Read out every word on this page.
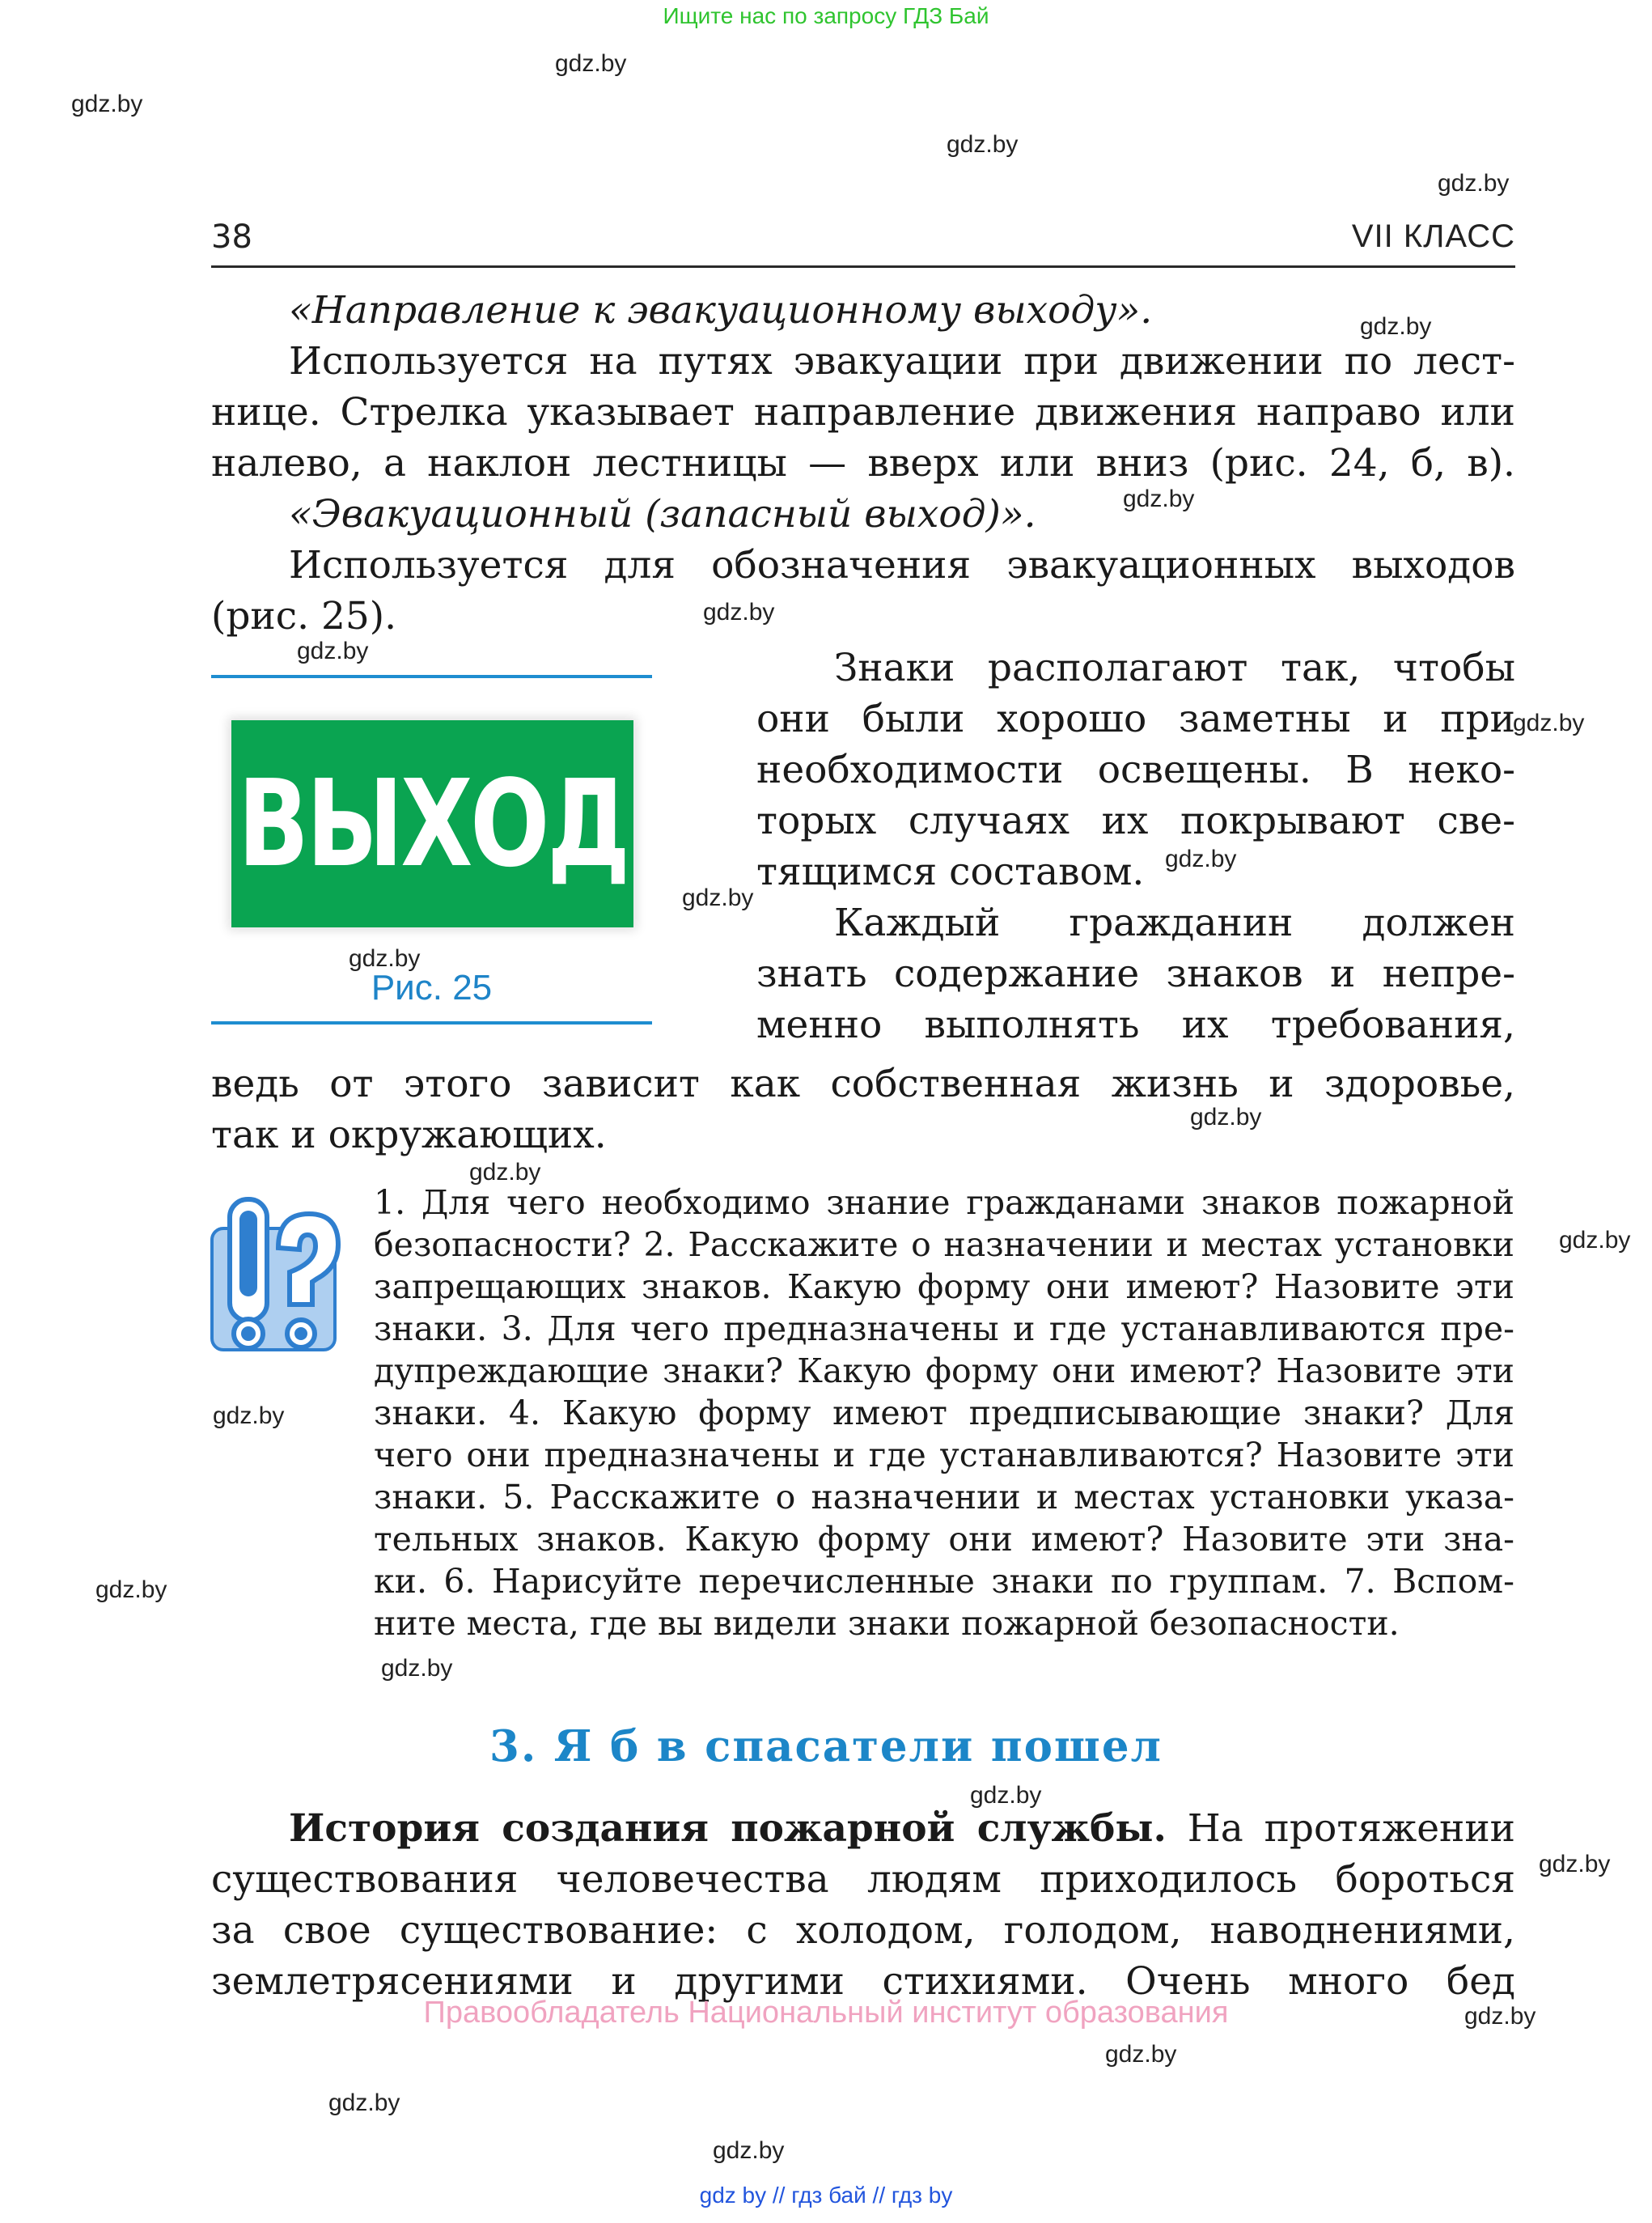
Ищите нас по запросу ГДЗ Бай
gdz.by
gdz.by
gdz.by
gdz.by
gdz.by
gdz.by
gdz.by
gdz.by
gdz.by
gdz.by
gdz.by
gdz.by
gdz.by
gdz.by
gdz.by
gdz.by
gdz.by
gdz.by
gdz.by
gdz.by
gdz.by
gdz.by
gdz.by
gdz.by
38	VII КЛАСС
«Направление к эвакуационному выходу».
Используется на путях эвакуации при движении по лест-
нице. Стрелка указывает направление движения направо или
налево, а наклон лестницы — вверх или вниз (рис. 24, б, в).
«Эвакуационный (запасный выход)».
Используется для обозначения эвакуационных выходов
(рис. 25).
ВЫХОД
Рис. 25
Знаки располагают так, чтобы
они были хорошо заметны и при
необходимости освещены. В неко-
торых случаях их покрывают све-
тящимся составом.
Каждый гражданин должен
знать содержание знаков и непре-
менно выполнять их требования,
ведь от этого зависит как собственная жизнь и здоровье,
так и окружающих.
1. Для чего необходимо знание гражданами знаков пожарной
безопасности? 2. Расскажите о назначении и местах установки
запрещающих знаков. Какую форму они имеют? Назовите эти
знаки. 3. Для чего предназначены и где устанавливаются пре-
дупреждающие знаки? Какую форму они имеют? Назовите эти
знаки. 4. Какую форму имеют предписывающие знаки? Для
чего они предназначены и где устанавливаются? Назовите эти
знаки. 5. Расскажите о назначении и местах установки указа-
тельных знаков. Какую форму они имеют? Назовите эти зна-
ки. 6. Нарисуйте перечисленные знаки по группам. 7. Вспом-
ните места, где вы видели знаки пожарной безопасности.
3. Я б в спасатели пошел
История создания пожарной службы. На протяжении
существования человечества людям приходилось бороться
за свое существование: с холодом, голодом, наводнениями,
землетрясениями и другими стихиями. Очень много бед
Правообладатель Национальный институт образования
gdz by // гдз бай // гдз by
